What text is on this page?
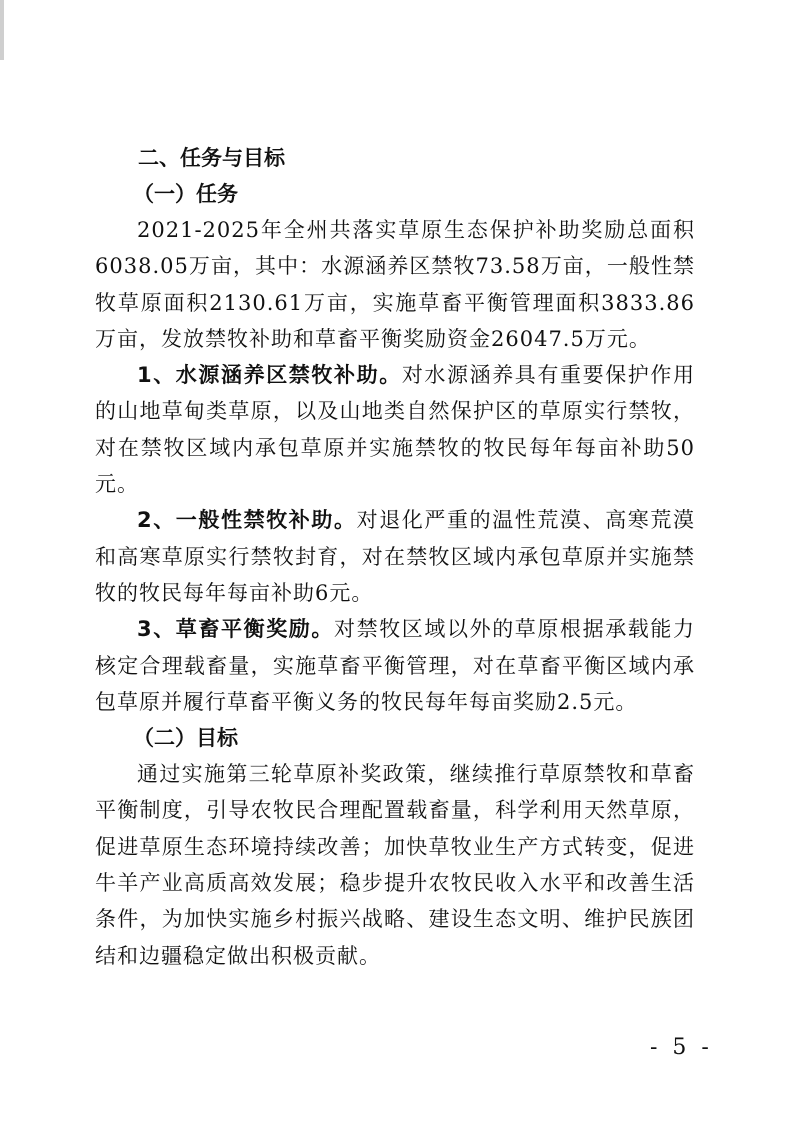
二、任务与目标

（一）任务

2021-2025年全州共落实草原生态保护补助奖励总面积6038.05万亩，其中：水源涵养区禁牧73.58万亩，一般性禁牧草原面积2130.61万亩，实施草畜平衡管理面积3833.86万亩，发放禁牧补助和草畜平衡奖励资金26047.5万元。

1、水源涵养区禁牧补助。对水源涵养具有重要保护作用的山地草甸类草原，以及山地类自然保护区的草原实行禁牧，对在禁牧区域内承包草原并实施禁牧的牧民每年每亩补助50元。

2、一般性禁牧补助。对退化严重的温性荒漠、高寒荒漠和高寒草原实行禁牧封育，对在禁牧区域内承包草原并实施禁牧的牧民每年每亩补助6元。

3、草畜平衡奖励。对禁牧区域以外的草原根据承载能力核定合理载畜量，实施草畜平衡管理，对在草畜平衡区域内承包草原并履行草畜平衡义务的牧民每年每亩奖励2.5元。

（二）目标

通过实施第三轮草原补奖政策，继续推行草原禁牧和草畜平衡制度，引导农牧民合理配置载畜量，科学利用天然草原，促进草原生态环境持续改善；加快草牧业生产方式转变，促进牛羊产业高质高效发展；稳步提升农牧民收入水平和改善生活条件，为加快实施乡村振兴战略、建设生态文明、维护民族团结和边疆稳定做出积极贡献。

- 5 -
